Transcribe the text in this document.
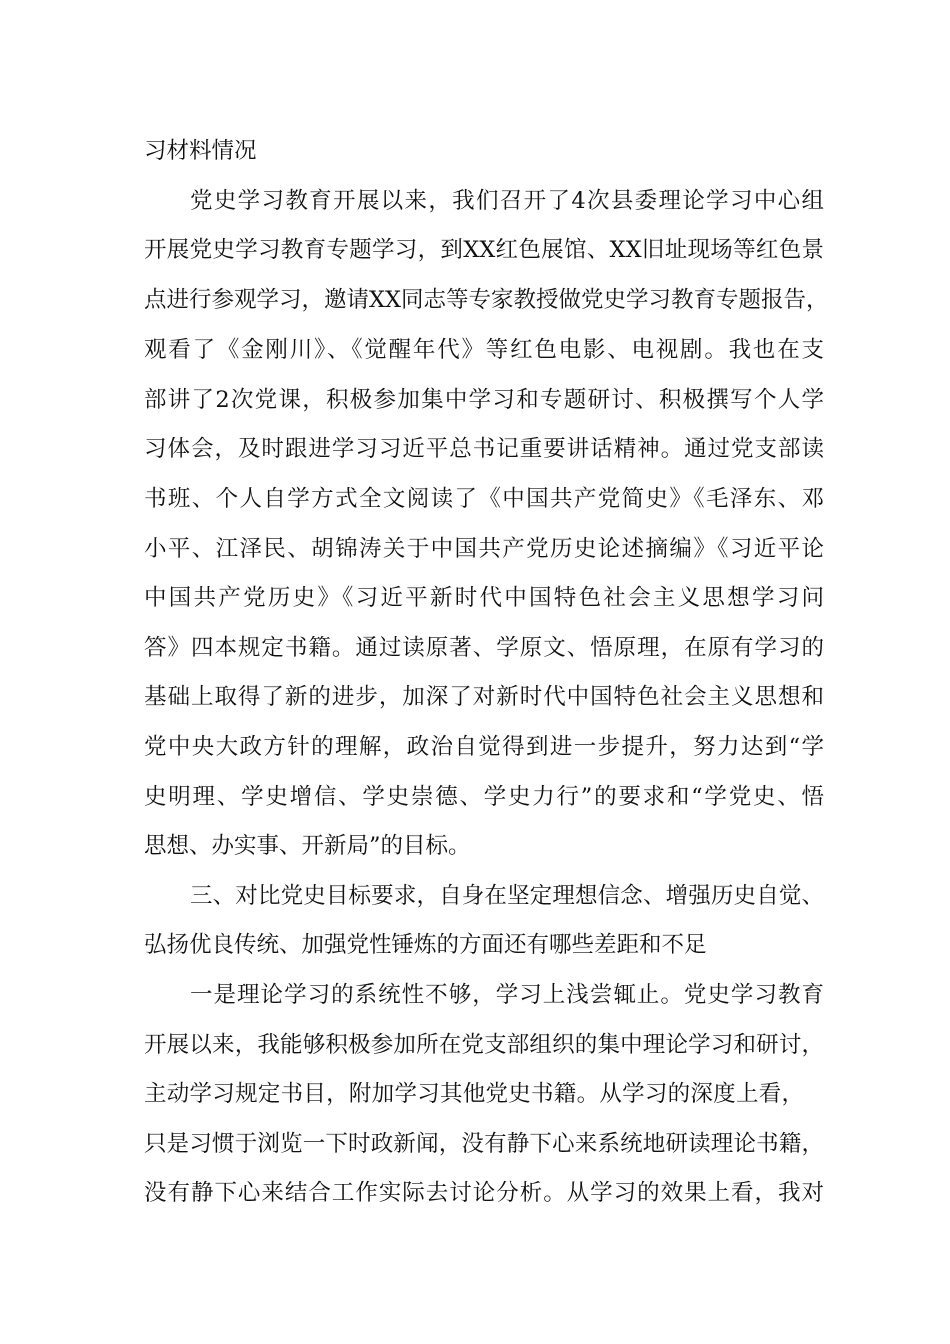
习材料情况
党史学习教育开展以来，我们召开了4次县委理论学习中心组
开展党史学习教育专题学习，到XX红色展馆、XX旧址现场等红色景
点进行参观学习，邀请XX同志等专家教授做党史学习教育专题报告，
观看了《金刚川》、《觉醒年代》等红色电影、电视剧。我也在支
部讲了2次党课，积极参加集中学习和专题研讨、积极撰写个人学
习体会，及时跟进学习习近平总书记重要讲话精神。通过党支部读
书班、个人自学方式全文阅读了《中国共产党简史》《毛泽东、邓
小平、江泽民、胡锦涛关于中国共产党历史论述摘编》《习近平论
中国共产党历史》《习近平新时代中国特色社会主义思想学习问
答》四本规定书籍。通过读原著、学原文、悟原理，在原有学习的
基础上取得了新的进步，加深了对新时代中国特色社会主义思想和
党中央大政方针的理解，政治自觉得到进一步提升，努力达到“学
史明理、学史增信、学史崇德、学史力行”的要求和“学党史、悟
思想、办实事、开新局”的目标。
三、对比党史目标要求，自身在坚定理想信念、增强历史自觉、
弘扬优良传统、加强党性锤炼的方面还有哪些差距和不足
一是理论学习的系统性不够，学习上浅尝辄止。党史学习教育
开展以来，我能够积极参加所在党支部组织的集中理论学习和研讨，
主动学习规定书目，附加学习其他党史书籍。从学习的深度上看，
只是习惯于浏览一下时政新闻，没有静下心来系统地研读理论书籍，
没有静下心来结合工作实际去讨论分析。从学习的效果上看，我对
